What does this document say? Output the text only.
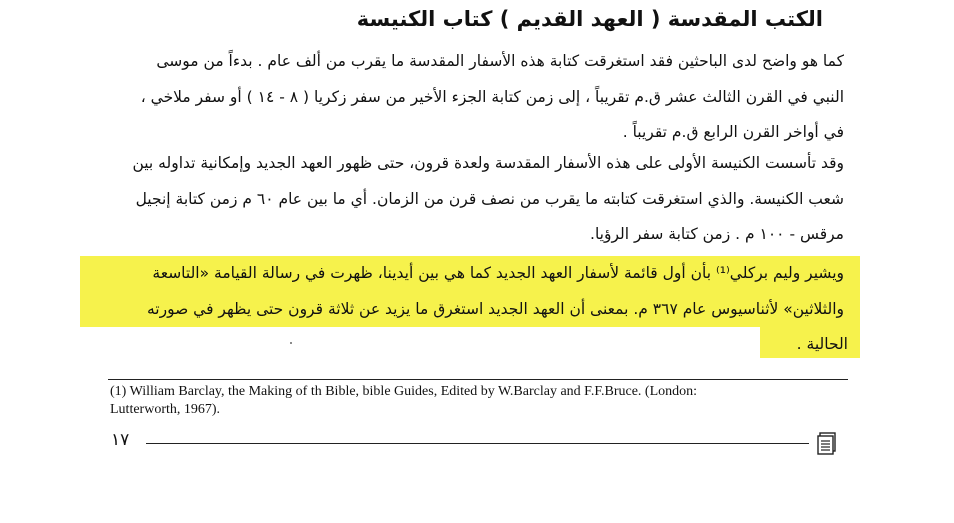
الكتب المقدسة ( العهد القديم ) كتاب الكنيسة
كما هو واضح لدى الباحثين فقد استغرقت كتابة هذه الأسفار المقدسة ما يقرب من ألف عام . بدءاً من موسى
النبي في القرن الثالث عشر ق.م تقريباً ، إلى زمن كتابة الجزء الأخير من سفر زكريا ( ٨ - ١٤ ) أو سفر ملاخي ،
في أواخر القرن الرابع ق.م تقريباً .
وقد تأسست الكنيسة الأولى على هذه الأسفار المقدسة ولعدة قرون، حتى ظهور العهد الجديد وإمكانية تداوله بين
شعب الكنيسة. والذي استغرقت كتابته ما يقرب من نصف قرن من الزمان. أي ما بين عام ٦٠ م زمن كتابة إنجيل
مرقس - ١٠٠ م . زمن كتابة سفر الرؤيا.
ويشير وليم بركلي⁽¹⁾ بأن أول قائمة لأسفار العهد الجديد كما هي بين أيدينا، ظهرت في رسالة القيامة «التاسعة
والثلاثين» لأثناسيوس عام ٣٦٧ م. بمعنى أن العهد الجديد استغرق ما يزيد عن ثلاثة قرون حتى يظهر في صورته
الحالية .
(1) William Barclay, the Making of th Bible, bible Guides, Edited by W.Barclay and F.F.Bruce. (London: Lutterworth, 1967).
١٧
